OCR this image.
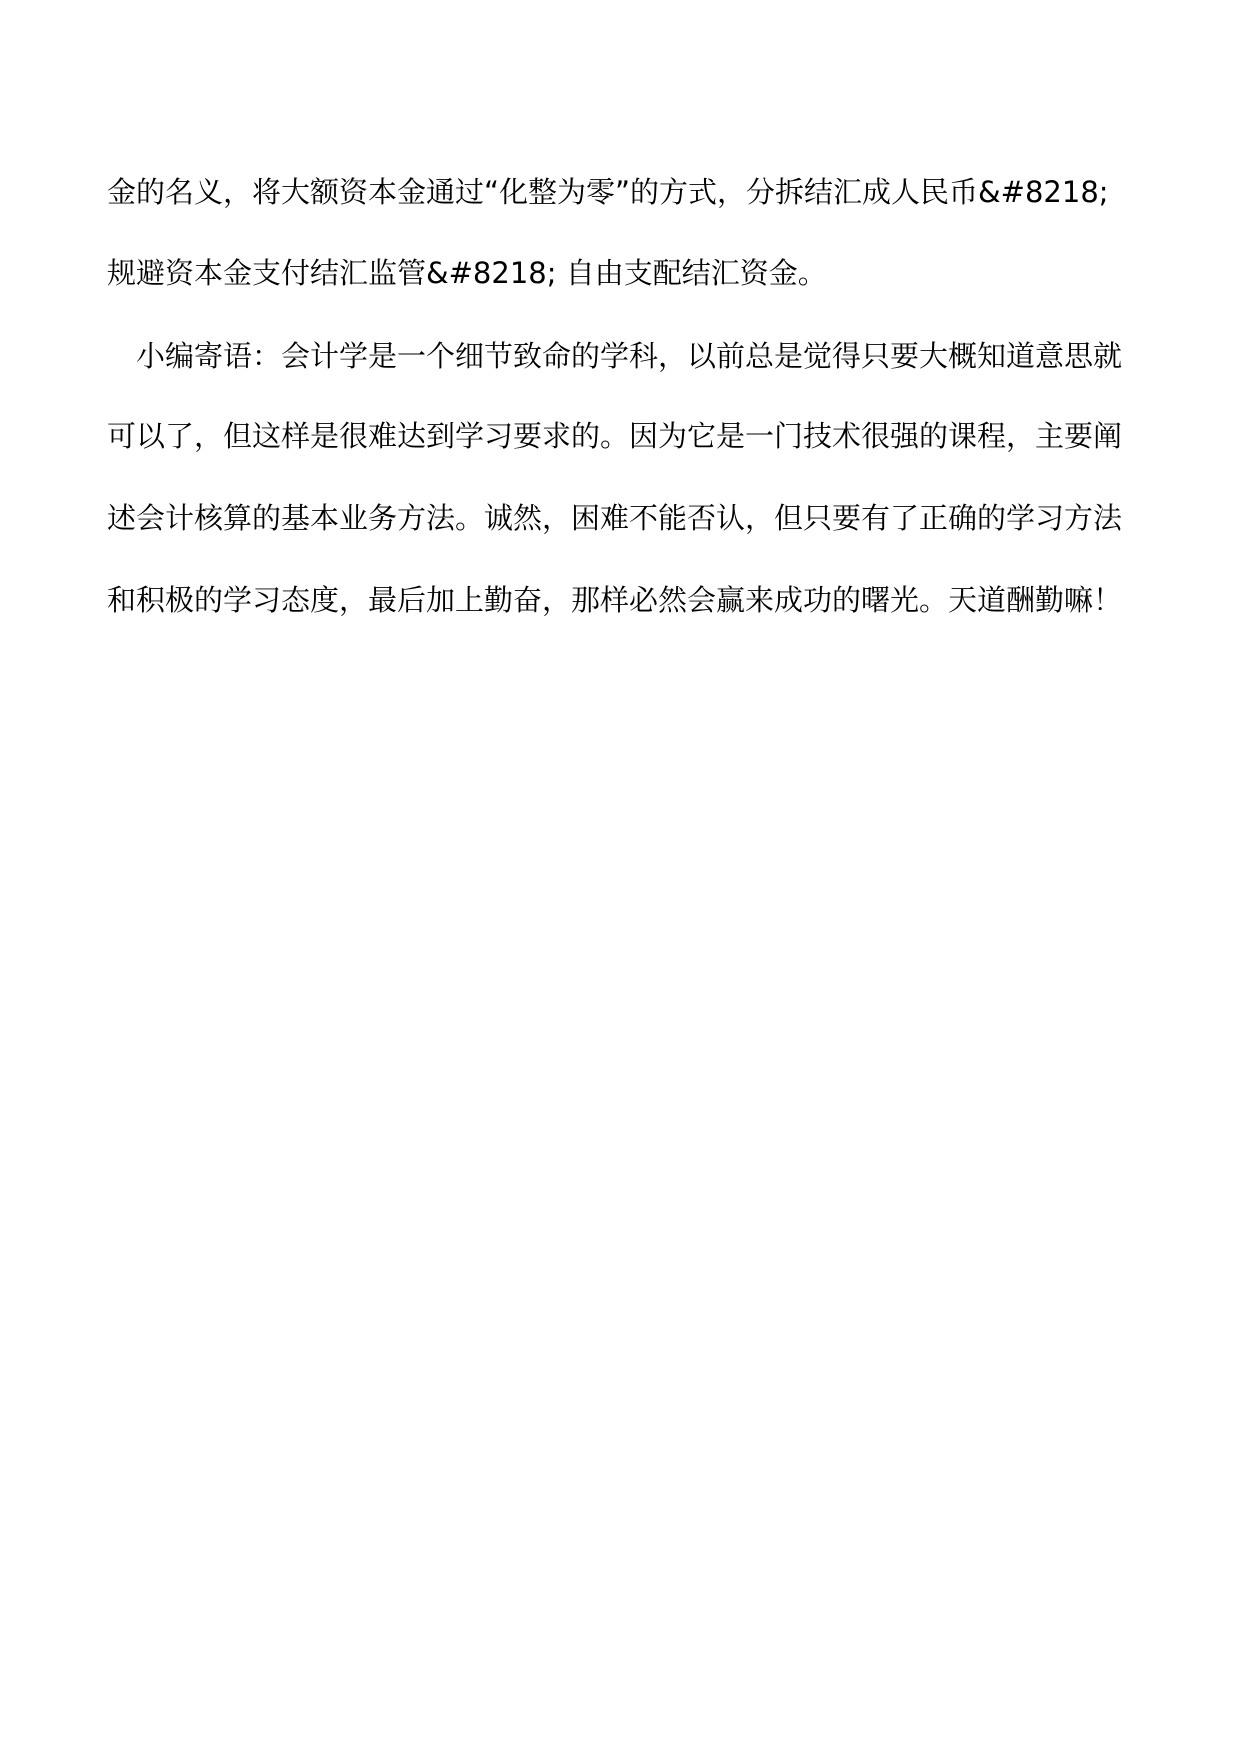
金的名义，将大额资本金通过“化整为零”的方式，分拆结汇成人民币&#8218;

规避资本金支付结汇监管&#8218; 自由支配结汇资金。

小编寄语：会计学是一个细节致命的学科，以前总是觉得只要大概知道意思就

可以了，但这样是很难达到学习要求的。因为它是一门技术很强的课程，主要阐

述会计核算的基本业务方法。诚然，困难不能否认，但只要有了正确的学习方法

和积极的学习态度，最后加上勤奋，那样必然会赢来成功的曙光。天道酬勤嘛！
